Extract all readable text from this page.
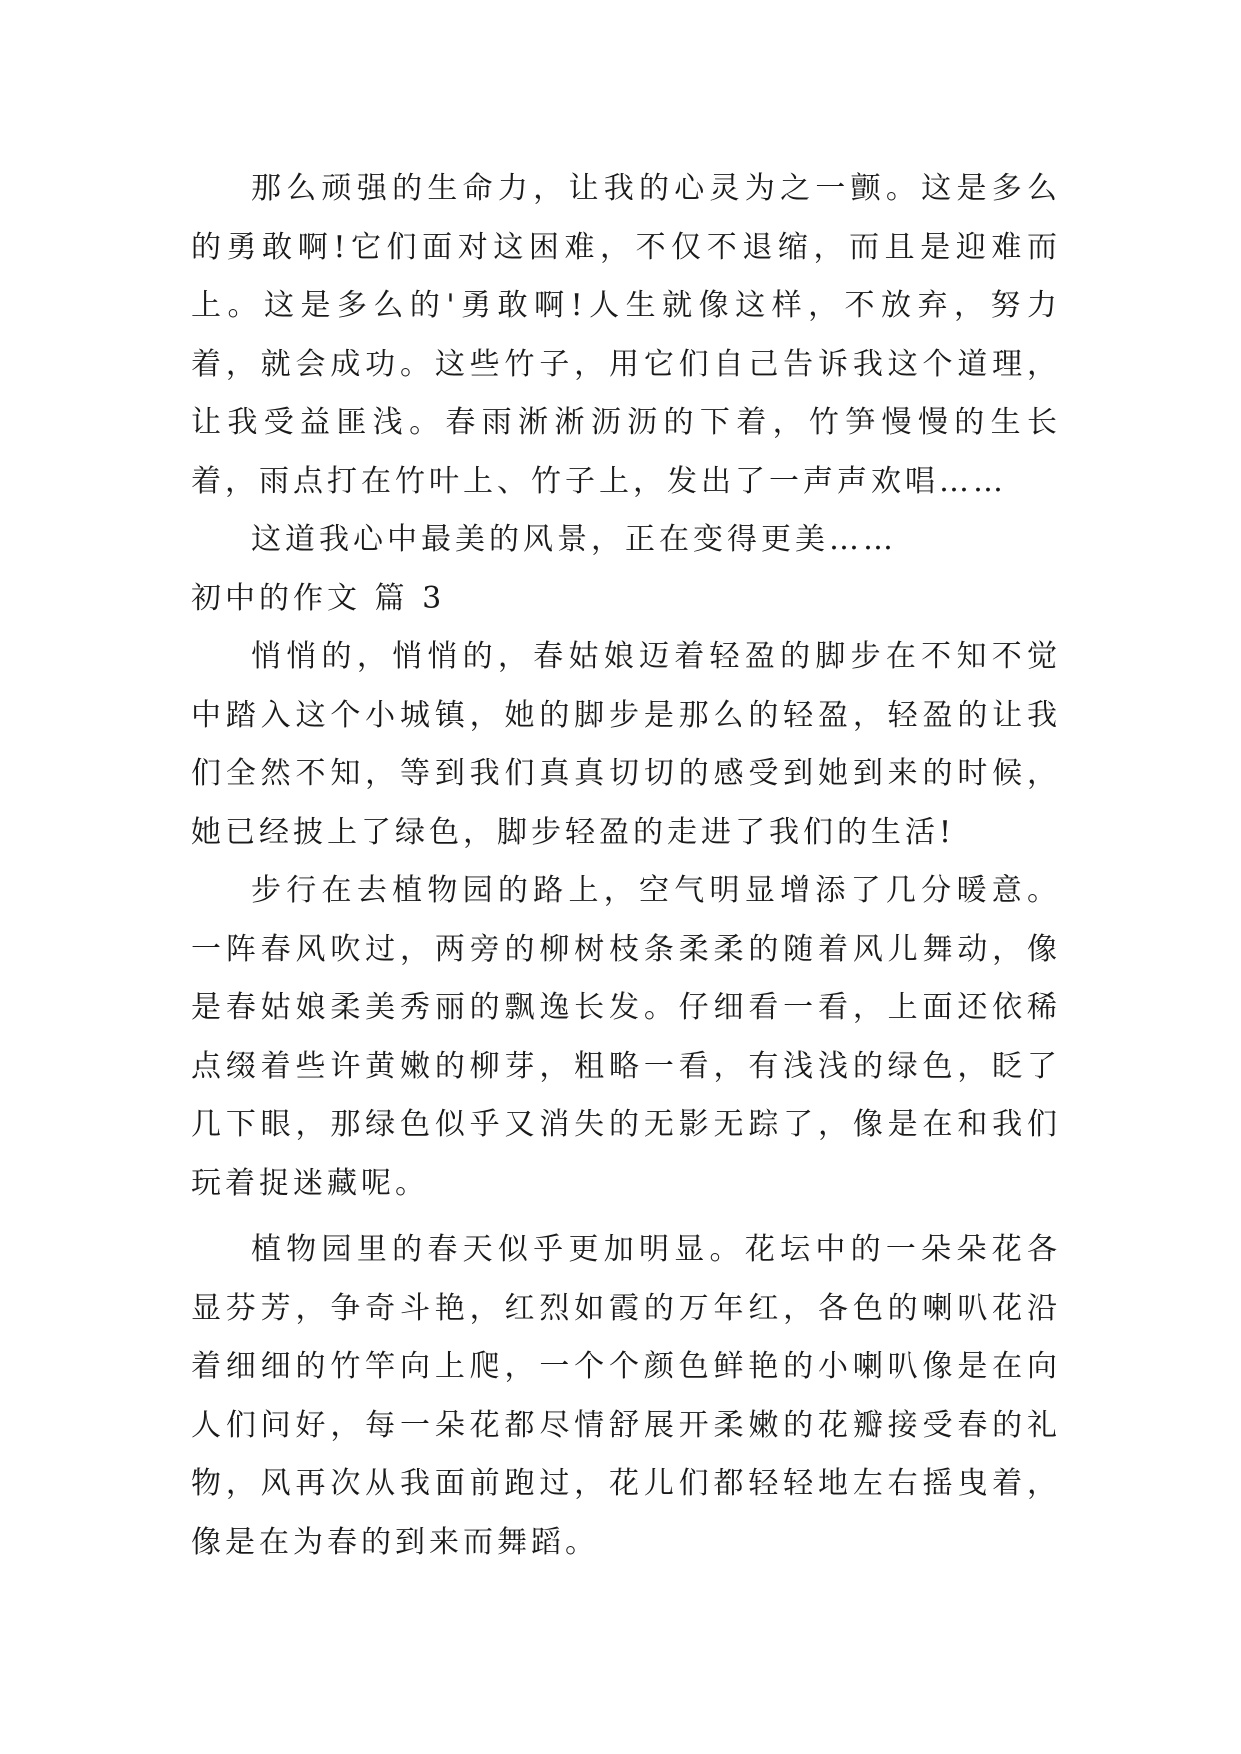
那么顽强的生命力，让我的心灵为之一颤。这是多么的勇敢啊!它们面对这困难，不仅不退缩，而且是迎难而上。这是多么的'勇敢啊!人生就像这样，不放弃，努力着，就会成功。这些竹子，用它们自己告诉我这个道理，让我受益匪浅。春雨淅淅沥沥的下着，竹笋慢慢的生长着，雨点打在竹叶上、竹子上，发出了一声声欢唱……

这道我心中最美的风景，正在变得更美……

初中的作文 篇 3

悄悄的，悄悄的，春姑娘迈着轻盈的脚步在不知不觉中踏入这个小城镇，她的脚步是那么的轻盈，轻盈的让我们全然不知，等到我们真真切切的感受到她到来的时候，她已经披上了绿色，脚步轻盈的走进了我们的生活!

步行在去植物园的路上，空气明显增添了几分暖意。一阵春风吹过，两旁的柳树枝条柔柔的随着风儿舞动，像是春姑娘柔美秀丽的飘逸长发。仔细看一看，上面还依稀点缀着些许黄嫩的柳芽，粗略一看，有浅浅的绿色，眨了几下眼，那绿色似乎又消失的无影无踪了，像是在和我们玩着捉迷藏呢。

植物园里的春天似乎更加明显。花坛中的一朵朵花各显芬芳，争奇斗艳，红烈如霞的万年红，各色的喇叭花沿着细细的竹竿向上爬，一个个颜色鲜艳的小喇叭像是在向人们问好，每一朵花都尽情舒展开柔嫩的花瓣接受春的礼物，风再次从我面前跑过，花儿们都轻轻地左右摇曳着，像是在为春的到来而舞蹈。
